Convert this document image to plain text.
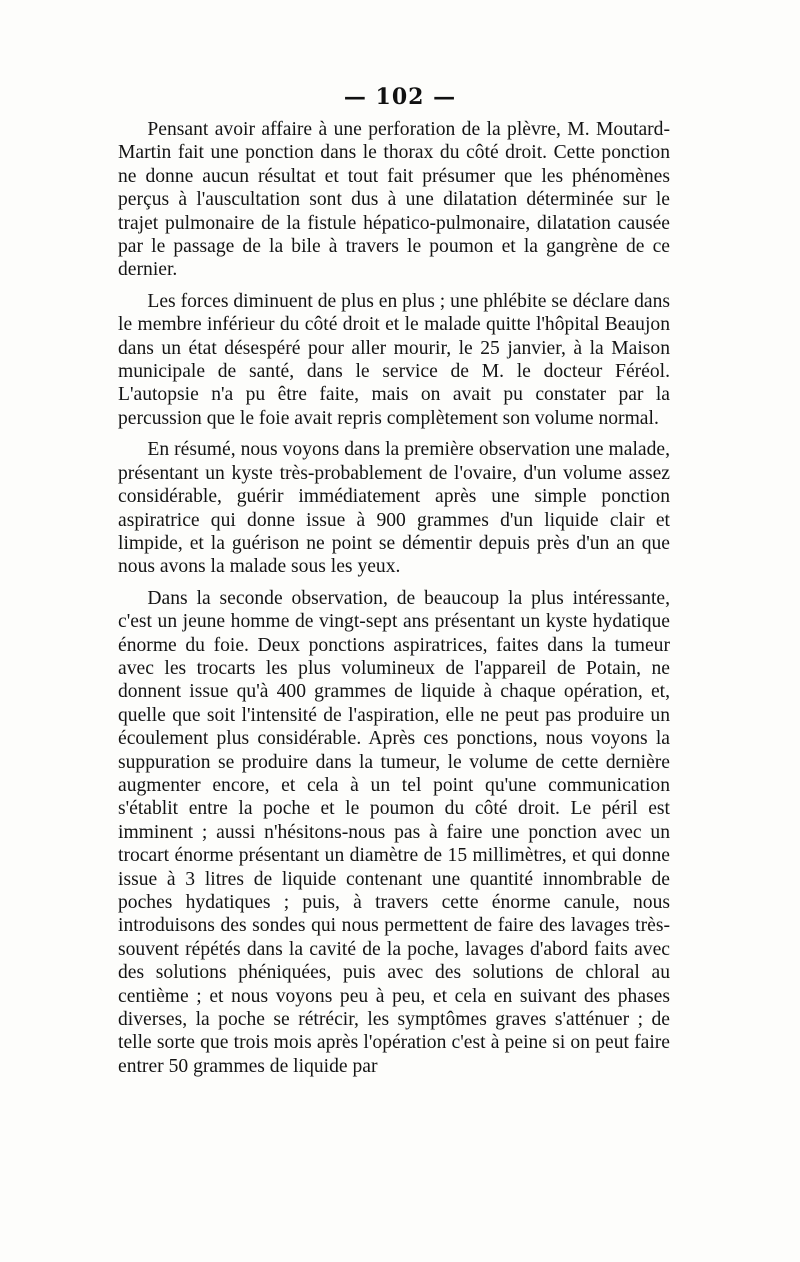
— 102 —

Pensant avoir affaire à une perforation de la plèvre, M. Moutard-Martin fait une ponction dans le thorax du côté droit. Cette ponction ne donne aucun résultat et tout fait présumer que les phénomènes perçus à l'auscultation sont dus à une dilatation déterminée sur le trajet pulmonaire de la fistule hépatico-pulmonaire, dilatation causée par le passage de la bile à travers le poumon et la gangrène de ce dernier.

Les forces diminuent de plus en plus ; une phlébite se déclare dans le membre inférieur du côté droit et le malade quitte l'hôpital Beaujon dans un état désespéré pour aller mourir, le 25 janvier, à la Maison municipale de santé, dans le service de M. le docteur Féréol. L'autopsie n'a pu être faite, mais on avait pu constater par la percussion que le foie avait repris complètement son volume normal.

En résumé, nous voyons dans la première observation une malade, présentant un kyste très-probablement de l'ovaire, d'un volume assez considérable, guérir immédiatement après une simple ponction aspiratrice qui donne issue à 900 grammes d'un liquide clair et limpide, et la guérison ne point se démentir depuis près d'un an que nous avons la malade sous les yeux.

Dans la seconde observation, de beaucoup la plus intéressante, c'est un jeune homme de vingt-sept ans présentant un kyste hydatique énorme du foie. Deux ponctions aspiratrices, faites dans la tumeur avec les trocarts les plus volumineux de l'appareil de Potain, ne donnent issue qu'à 400 grammes de liquide à chaque opération, et, quelle que soit l'intensité de l'aspiration, elle ne peut pas produire un écoulement plus considérable. Après ces ponctions, nous voyons la suppuration se produire dans la tumeur, le volume de cette dernière augmenter encore, et cela à un tel point qu'une communication s'établit entre la poche et le poumon du côté droit. Le péril est imminent ; aussi n'hésitons-nous pas à faire une ponction avec un trocart énorme présentant un diamètre de 15 millimètres, et qui donne issue à 3 litres de liquide contenant une quantité innombrable de poches hydatiques ; puis, à travers cette énorme canule, nous introduisons des sondes qui nous permettent de faire des lavages très-souvent répétés dans la cavité de la poche, lavages d'abord faits avec des solutions phéniquées, puis avec des solutions de chloral au centième ; et nous voyons peu à peu, et cela en suivant des phases diverses, la poche se rétrécir, les symptômes graves s'atténuer ; de telle sorte que trois mois après l'opération c'est à peine si on peut faire entrer 50 grammes de liquide par
